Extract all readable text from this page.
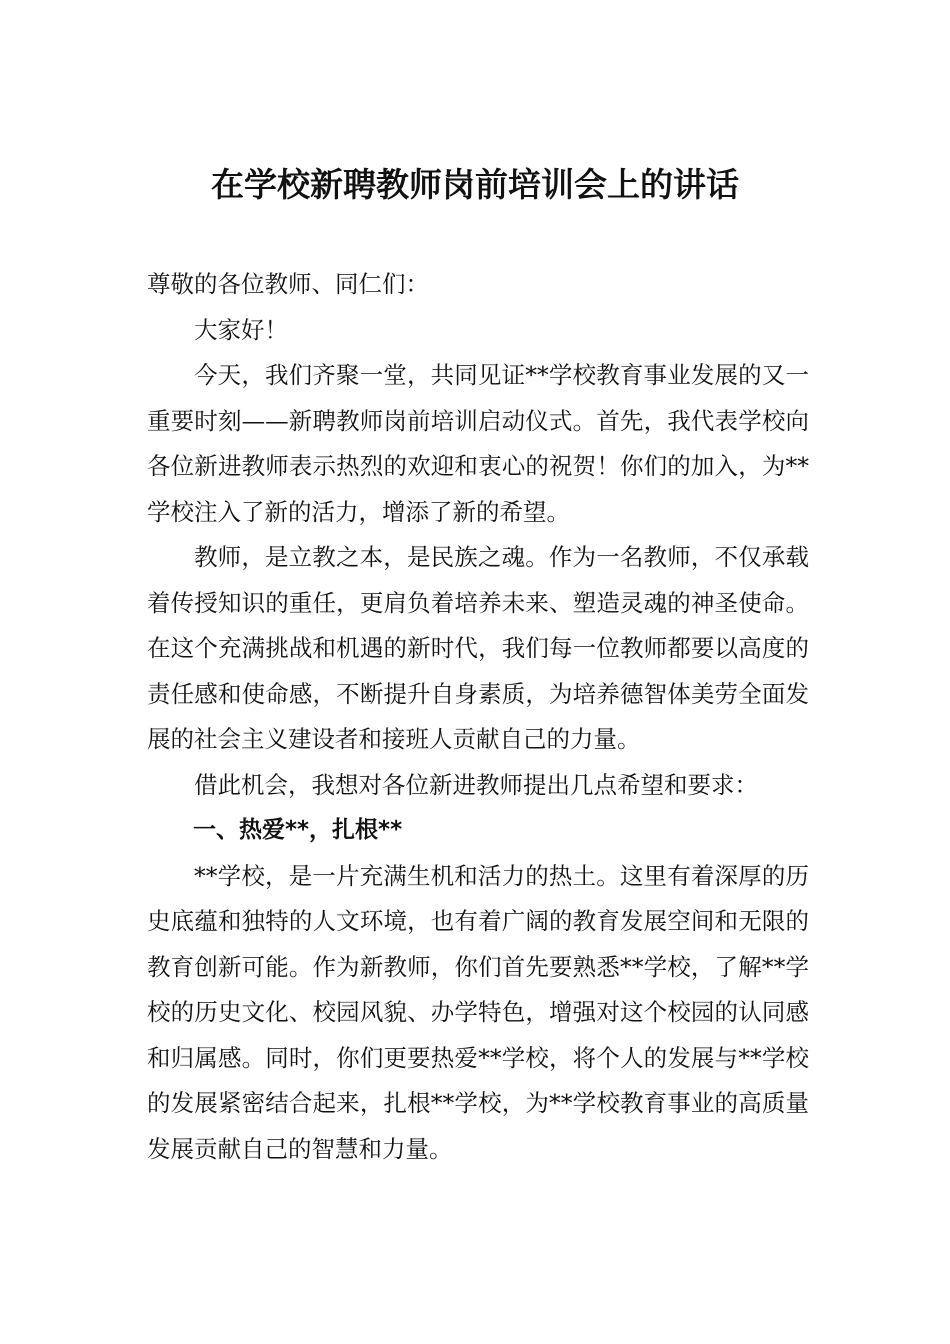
在学校新聘教师岗前培训会上的讲话

尊敬的各位教师、同仁们：

大家好！

今天，我们齐聚一堂，共同见证**学校教育事业发展的又一重要时刻——新聘教师岗前培训启动仪式。首先，我代表学校向各位新进教师表示热烈的欢迎和衷心的祝贺！你们的加入，为**学校注入了新的活力，增添了新的希望。

教师，是立教之本，是民族之魂。作为一名教师，不仅承载着传授知识的重任，更肩负着培养未来、塑造灵魂的神圣使命。在这个充满挑战和机遇的新时代，我们每一位教师都要以高度的责任感和使命感，不断提升自身素质，为培养德智体美劳全面发展的社会主义建设者和接班人贡献自己的力量。

借此机会，我想对各位新进教师提出几点希望和要求：

一、热爱**，扎根**

**学校，是一片充满生机和活力的热土。这里有着深厚的历史底蕴和独特的人文环境，也有着广阔的教育发展空间和无限的教育创新可能。作为新教师，你们首先要熟悉**学校，了解**学校的历史文化、校园风貌、办学特色，增强对这个校园的认同感和归属感。同时，你们更要热爱**学校，将个人的发展与**学校的发展紧密结合起来，扎根**学校，为**学校教育事业的高质量发展贡献自己的智慧和力量。
